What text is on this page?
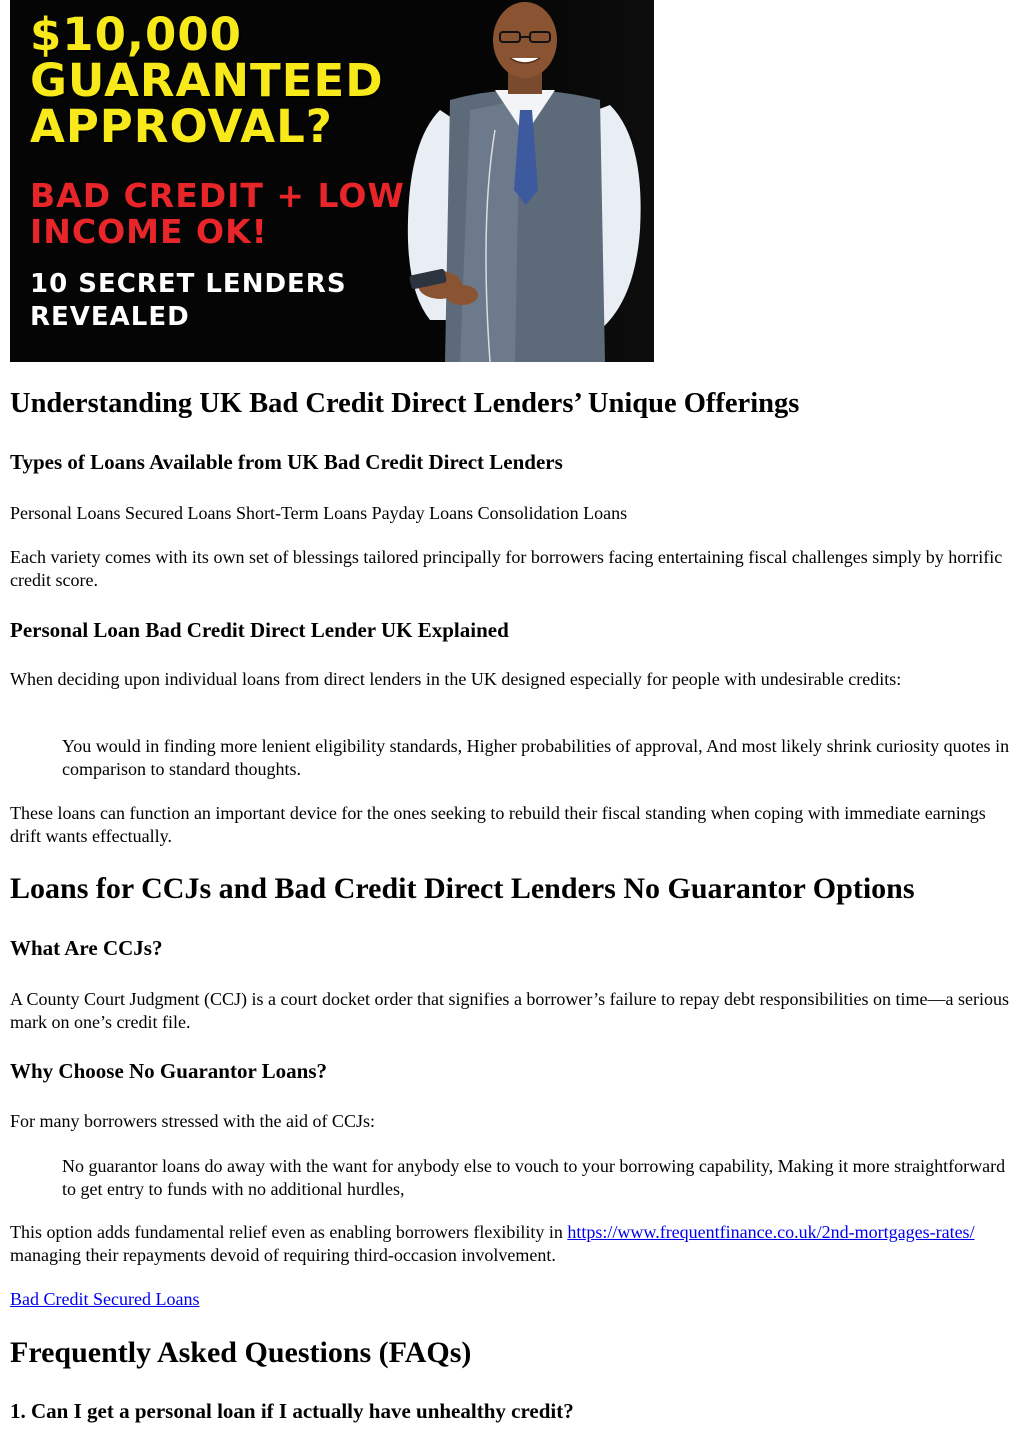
$10,000
GUARANTEED
APPROVAL?
BAD CREDIT + LOW
INCOME OK!
10 SECRET LENDERS
REVEALED
Understanding UK Bad Credit Direct Lenders’ Unique Offerings
Types of Loans Available from UK Bad Credit Direct Lenders

Personal Loans Secured Loans Short-Term Loans Payday Loans Consolidation Loans

Each variety comes with its own set of blessings tailored principally for borrowers facing entertaining fiscal challenges simply by horrific credit score.

Personal Loan Bad Credit Direct Lender UK Explained

When deciding upon individual loans from direct lenders in the UK designed especially for people with undesirable credits:

You would in finding more lenient eligibility standards, Higher probabilities of approval, And most likely shrink curiosity quotes in comparison to standard thoughts.

These loans can function an important device for the ones seeking to rebuild their fiscal standing when coping with immediate earnings drift wants effectually.

Loans for CCJs and Bad Credit Direct Lenders No Guarantor Options
What Are CCJs?

A County Court Judgment (CCJ) is a court docket order that signifies a borrower’s failure to repay debt responsibilities on time—a serious mark on one’s credit file.

Why Choose No Guarantor Loans?

For many borrowers stressed with the aid of CCJs:

No guarantor loans do away with the want for anybody else to vouch to your borrowing capability, Making it more straightforward to get entry to funds with no additional hurdles,

This option adds fundamental relief even as enabling borrowers flexibility in https://www.frequentfinance.co.uk/2nd-mortgages-rates/ managing their repayments devoid of requiring third-occasion involvement.

Bad Credit Secured Loans

Frequently Asked Questions (FAQs)
1. Can I get a personal loan if I actually have unhealthy credit?
